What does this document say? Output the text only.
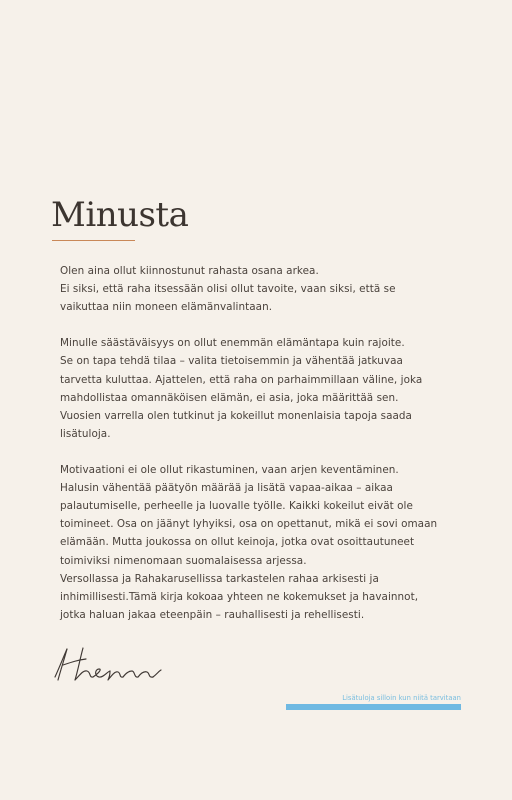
Minusta

Olen aina ollut kiinnostunut rahasta osana arkea.
Ei siksi, että raha itsessään olisi ollut tavoite, vaan siksi, että se
vaikuttaa niin moneen elämänvalintaan.

Minulle säästäväisyys on ollut enemmän elämäntapa kuin rajoite.
Se on tapa tehdä tilaa – valita tietoisemmin ja vähentää jatkuvaa
tarvetta kuluttaa. Ajattelen, että raha on parhaimmillaan väline, joka
mahdollistaa omannäköisen elämän, ei asia, joka määrittää sen.
Vuosien varrella olen tutkinut ja kokeillut monenlaisia tapoja saada
lisätuloja.

Motivaationi ei ole ollut rikastuminen, vaan arjen keventäminen.
Halusin vähentää päätyön määrää ja lisätä vapaa-aikaa – aikaa
palautumiselle, perheelle ja luovalle työlle. Kaikki kokeilut eivät ole
toimineet. Osa on jäänyt lyhyiksi, osa on opettanut, mikä ei sovi omaan
elämään. Mutta joukossa on ollut keinoja, jotka ovat osoittautuneet
toimiviksi nimenomaan suomalaisessa arjessa.
Versollassa ja Rahakarusellissa tarkastelen rahaa arkisesti ja
inhimillisesti.Tämä kirja kokoaa yhteen ne kokemukset ja havainnot,
jotka haluan jakaa eteenpäin – rauhallisesti ja rehellisesti.

Lisätuloja silloin kun niitä tarvitaan
